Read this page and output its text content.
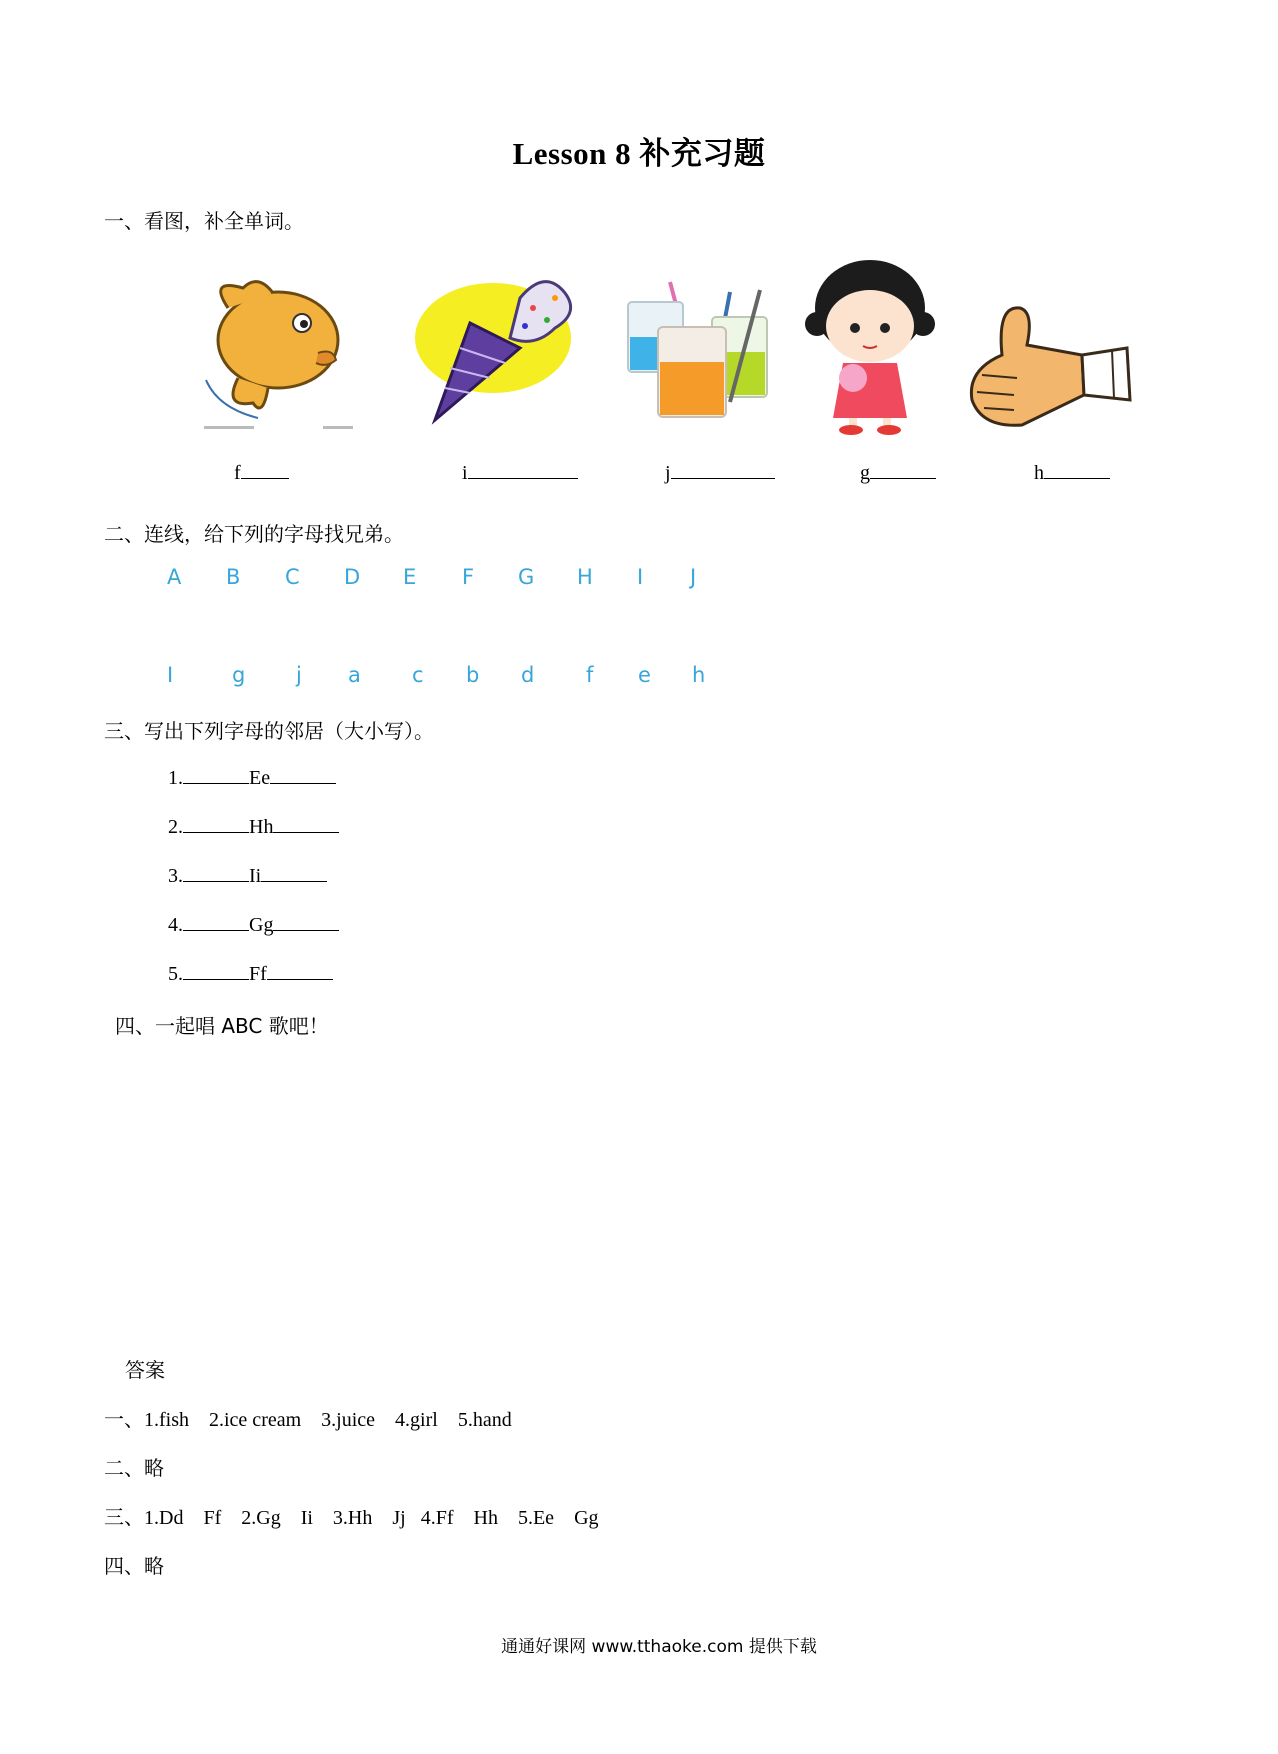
Lesson 8 补充习题
一、看图，补全单词。
f	i	j	g	h
二、连线，给下列的字母找兄弟。
A B C D E F G H I J
I	g j a c b d f e h
三、写出下列字母的邻居（大小写）。
1.	Ee
2.	Hh
3.	Ii
4.	Gg
5.	Ff
四、一起唱 ABC 歌吧！
答案
一、1.fish 2.ice cream 3.juice 4.girl 5.hand
二、略
三、1.Dd Ff 2.Gg Ii 3.Hh Jj 4.Ff Hh 5.Ee Gg
四、略
通通好课网 www.tthaoke.com 提供下载
